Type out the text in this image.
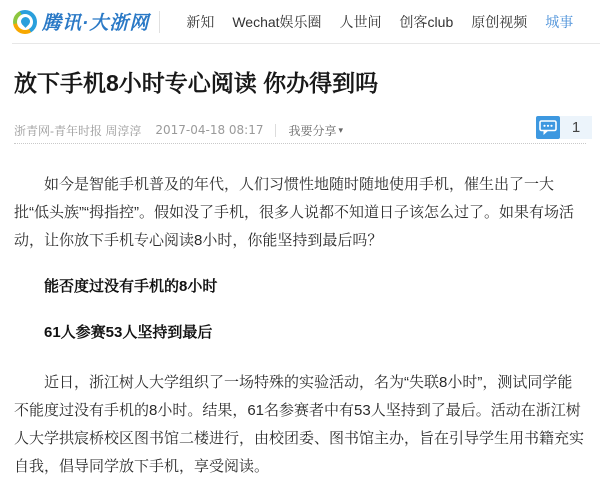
腾讯·大浙网	新知 Wechat娱乐圈 人世间 创客club 原创视频 城事
放下手机8小时专心阅读 你办得到吗
浙青网-青年时报 周淳淳 2017-04-18 08:17 我要分享 ▾	1

如今是智能手机普及的年代，人们习惯性地随时随地使用手机，催生出了一大批“低头族”“拇指控”。假如没了手机，很多人说都不知道日子该怎么过了。如果有场活动，让你放下手机专心阅读8小时，你能坚持到最后吗？

能否度过没有手机的8小时
61人参赛53人坚持到最后

近日，浙江树人大学组织了一场特殊的实验活动，名为“失联8小时”，测试同学能不能度过没有手机的8小时。结果，61名参赛者中有53人坚持到了最后。活动在浙江树人大学拱宸桥校区图书馆二楼进行，由校团委、图书馆主办，旨在引导学生用书籍充实自我，倡导同学放下手机，享受阅读。
